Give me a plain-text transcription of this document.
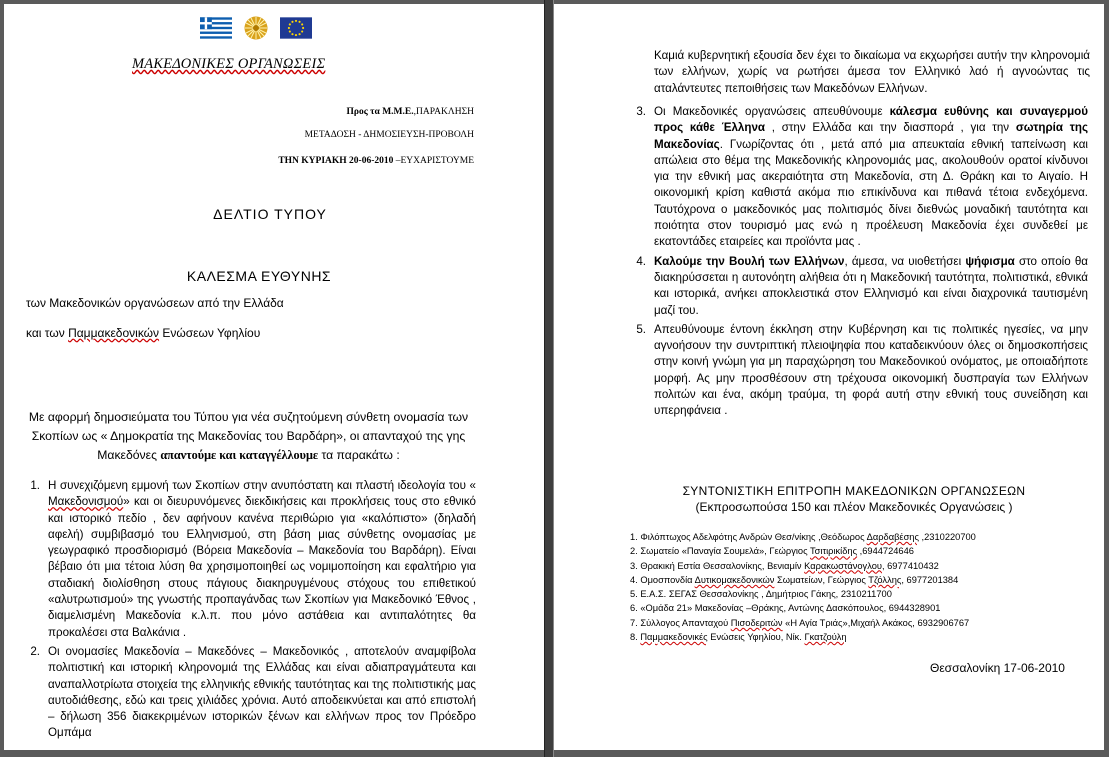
ΜΑΚΕΔΟΝΙΚΕΣ ΟΡΓΑΝΩΣΕΙΣ
Προς τα Μ.Μ.Ε.,ΠΑΡΑΚΛΗΣΗ
ΜΕΤΑΔΟΣΗ - ΔΗΜΟΣΙΕΥΣΗ-ΠΡΟΒΟΛΗ
ΤΗΝ ΚΥΡΙΑΚΗ 20-06-2010 –ΕΥΧΑΡΙΣΤΟΥΜΕ
ΔΕΛΤΙΟ ΤΥΠΟΥ
ΚΑΛΕΣΜΑ ΕΥΘΥΝΗΣ
των Μακεδονικών οργανώσεων από την Ελλάδα
και των Παμμακεδονικών Ενώσεων Υφηλίου
Με αφορμή δημοσιεύματα του Τύπου για νέα συζητούμενη σύνθετη ονομασία των Σκοπίων ως « Δημοκρατία της Μακεδονίας του Βαρδάρη», οι απανταχού της γης Μακεδόνες απαντούμε και καταγγέλλουμε τα παρακάτω :
1. Η συνεχιζόμενη εμμονή των Σκοπίων στην ανυπόστατη και πλαστή ιδεολογία του « Μακεδονισμού» και οι διευρυνόμενες διεκδικήσεις και προκλήσεις τους στο εθνικό και ιστορικό πεδίο , δεν αφήνουν κανένα περιθώριο για «καλόπιστο» (δηλαδή αφελή) συμβιβασμό του Ελληνισμού, στη βάση μιας σύνθετης ονομασίας με γεωγραφικό προσδιορισμό (Βόρεια Μακεδονία – Μακεδονία του Βαρδάρη). Είναι βέβαιο ότι μια τέτοια λύση θα χρησιμοποιηθεί ως νομιμοποίηση και εφαλτήριο για σταδιακή διολίσθηση στους πάγιους διακηρυγμένους στόχους του επιθετικού «αλυτρωτισμού» της γνωστής προπαγάνδας των Σκοπίων για Μακεδονικό Έθνος , διαμελισμένη Μακεδονία κ.λ.π. που μόνο αστάθεια και αντιπαλότητες θα προκαλέσει στα Βαλκάνια .
2. Οι ονομασίες Μακεδονία – Μακεδόνες – Μακεδονικός , αποτελούν αναμφίβολα πολιτιστική και ιστορική κληρονομιά της Ελλάδας και είναι αδιαπραγμάτευτα και αναπαλλοτρίωτα στοιχεία της ελληνικής εθνικής ταυτότητας και της πολιτιστικής μας αυτοδιάθεσης, εδώ και τρεις χιλιάδες χρόνια. Αυτό αποδεικνύεται και από επιστολή – δήλωση 356 διακεκριμένων ιστορικών ξένων και ελλήνων προς τον Πρόεδρο Ομπάμα
Καμιά κυβερνητική εξουσία δεν έχει το δικαίωμα να εκχωρήσει αυτήν την κληρονομιά των ελλήνων, χωρίς να ρωτήσει άμεσα τον Ελληνικό λαό ή αγνοώντας τις αταλάντευτες πεποιθήσεις των Μακεδόνων Ελλήνων.
3. Οι Μακεδονικές οργανώσεις απευθύνουμε κάλεσμα ευθύνης και συναγερμού προς κάθε Έλληνα , στην Ελλάδα και την διασπορά , για την σωτηρία της Μακεδονίας. Γνωρίζοντας ότι , μετά από μια απευκταία εθνική ταπείνωση και απώλεια στο θέμα της Μακεδονικής κληρονομιάς μας, ακολουθούν ορατοί κίνδυνοι για την εθνική μας ακεραιότητα στη Μακεδονία, στη Δ. Θράκη και το Αιγαίο. Η οικονομική κρίση καθιστά ακόμα πιο επικίνδυνα και πιθανά τέτοια ενδεχόμενα. Ταυτόχρονα ο μακεδονικός μας πολιτισμός δίνει διεθνώς μοναδική ταυτότητα και ποιότητα στον τουρισμό μας ενώ η προέλευση Μακεδονία έχει συνδεθεί με εκατοντάδες εταιρείες και προϊόντα μας .
4. Καλούμε την Βουλή των Ελλήνων, άμεσα, να υιοθετήσει ψήφισμα στο οποίο θα διακηρύσσεται η αυτονόητη αλήθεια ότι η Μακεδονική ταυτότητα, πολιτιστικά, εθνικά και ιστορικά, ανήκει αποκλειστικά στον Ελληνισμό και είναι διαχρονικά ταυτισμένη μαζί του.
5. Απευθύνουμε έντονη έκκληση στην Κυβέρνηση και τις πολιτικές ηγεσίες, να μην αγνοήσουν την συντριπτική πλειοψηφία που καταδεικνύουν όλες οι δημοσκοπήσεις στην κοινή γνώμη για μη παραχώρηση του Μακεδονικού ονόματος, με οποιαδήποτε μορφή. Ας μην προσθέσουν στη τρέχουσα οικονομική δυσπραγία των Ελλήνων πολιτών και ένα, ακόμη τραύμα, τη φορά αυτή στην εθνική τους συνείδηση και υπερηφάνεια .
ΣΥΝΤΟΝΙΣΤΙΚΗ ΕΠΙΤΡΟΠΗ ΜΑΚΕΔΟΝΙΚΩΝ ΟΡΓΑΝΩΣΕΩΝ
(Εκπροσωπούσα 150 και πλέον Μακεδονικές Οργανώσεις )
1. Φιλόπτωχος Αδελφότης Ανδρών Θεσ/νίκης ,Θεόδωρος Δαρδαβέσης ,2310220700
2. Σωματείο «Παναγία Σουμελά», Γεώργιος Τσιτιρικίδης ,6944724646
3. Θρακική Εστία Θεσσαλονίκης, Βενιαμίν Καρακωστάνογλου, 6977410432
4. Ομοσπονδία Δυτικομακεδονικών Σωματείων, Γεώργιος Τζόλλης, 6977201384
5. Ε.Α.Σ. ΣΕΓΑΣ Θεσσαλονίκης , Δημήτριος Γάκης, 2310211700
6. «Ομάδα 21» Μακεδονίας –Θράκης, Αντώνης Δασκόπουλος, 6944328901
7. Σύλλογος Απανταχού Πισοδεριτών «Η Αγία Τριάς»,Μιχαήλ Ακάκος, 6932906767
8. Παμμακεδονικές Ενώσεις Υφηλίου, Νίκ. Γκατζούλη
Θεσσαλονίκη 17-06-2010
